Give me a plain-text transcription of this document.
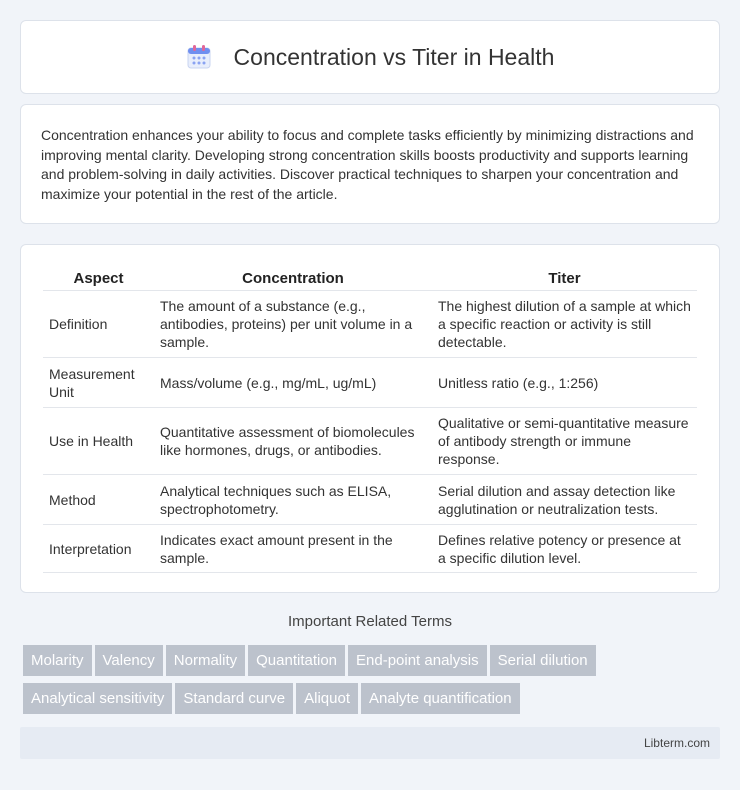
Concentration vs Titer in Health

Concentration enhances your ability to focus and complete tasks efficiently by minimizing distractions and improving mental clarity. Developing strong concentration skills boosts productivity and supports learning and problem-solving in daily activities. Discover practical techniques to sharpen your concentration and maximize your potential in the rest of the article.

Aspect	Concentration	Titer
Definition	The amount of a substance (e.g., antibodies, proteins) per unit volume in a sample.	The highest dilution of a sample at which a specific reaction or activity is still detectable.
Measurement Unit	Mass/volume (e.g., mg/mL, ug/mL)	Unitless ratio (e.g., 1:256)
Use in Health	Quantitative assessment of biomolecules like hormones, drugs, or antibodies.	Qualitative or semi-quantitative measure of antibody strength or immune response.
Method	Analytical techniques such as ELISA, spectrophotometry.	Serial dilution and assay detection like agglutination or neutralization tests.
Interpretation	Indicates exact amount present in the sample.	Defines relative potency or presence at a specific dilution level.
Important Related Terms
Molarity Valency Normality Quantitation End-point analysis Serial dilution
Analytical sensitivity Standard curve Aliquot Analyte quantification
Libterm.com
